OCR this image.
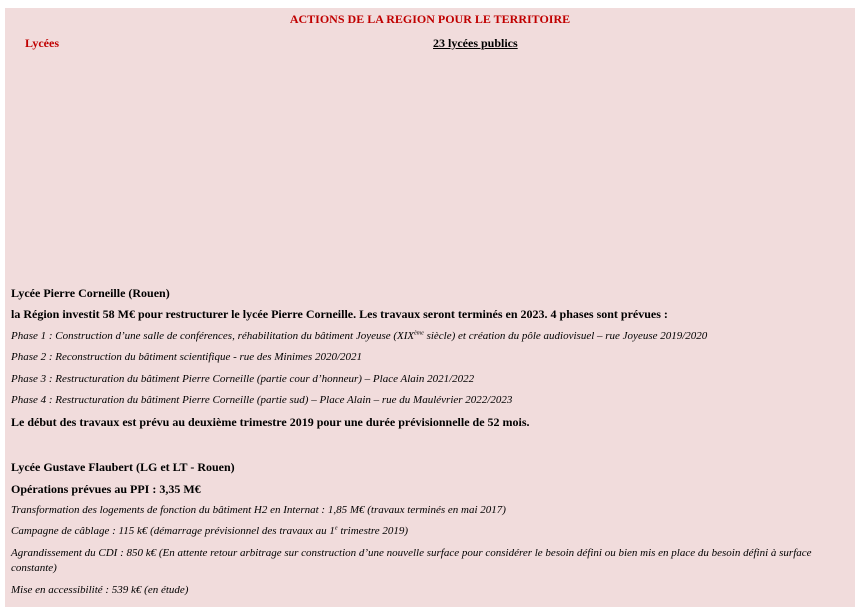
ACTIONS DE LA REGION POUR LE TERRITOIRE
Lycées	23 lycées publics
Lycée Pierre Corneille (Rouen)
la Région investit 58 M€ pour restructurer le lycée Pierre Corneille. Les travaux seront terminés en 2023. 4 phases sont prévues :
Phase 1 : Construction d’une salle de conférences, réhabilitation du bâtiment Joyeuse (XIXème siècle) et création du pôle audiovisuel – rue Joyeuse 2019/2020
Phase 2 : Reconstruction du bâtiment scientifique - rue des Minimes 2020/2021
Phase 3 : Restructuration du bâtiment Pierre Corneille (partie cour d’honneur) – Place Alain 2021/2022
Phase 4 : Restructuration du bâtiment Pierre Corneille (partie sud) – Place Alain – rue du Maulévrier 2022/2023
Le début des travaux est prévu au deuxième trimestre 2019 pour une durée prévisionnelle de 52 mois.
Lycée Gustave Flaubert (LG et LT - Rouen)
Opérations prévues au PPI : 3,35 M€
Transformation des logements de fonction du bâtiment H2 en Internat : 1,85 M€ (travaux terminés en mai 2017)
Campagne de câblage : 115 k€ (démarrage prévisionnel des travaux au 1e trimestre 2019)
Agrandissement du CDI : 850 k€ (En attente retour arbitrage sur construction d’une nouvelle surface pour considérer le besoin défini ou bien mis en place du besoin défini à surface constante)
Mise en accessibilité : 539 k€ (en étude)
